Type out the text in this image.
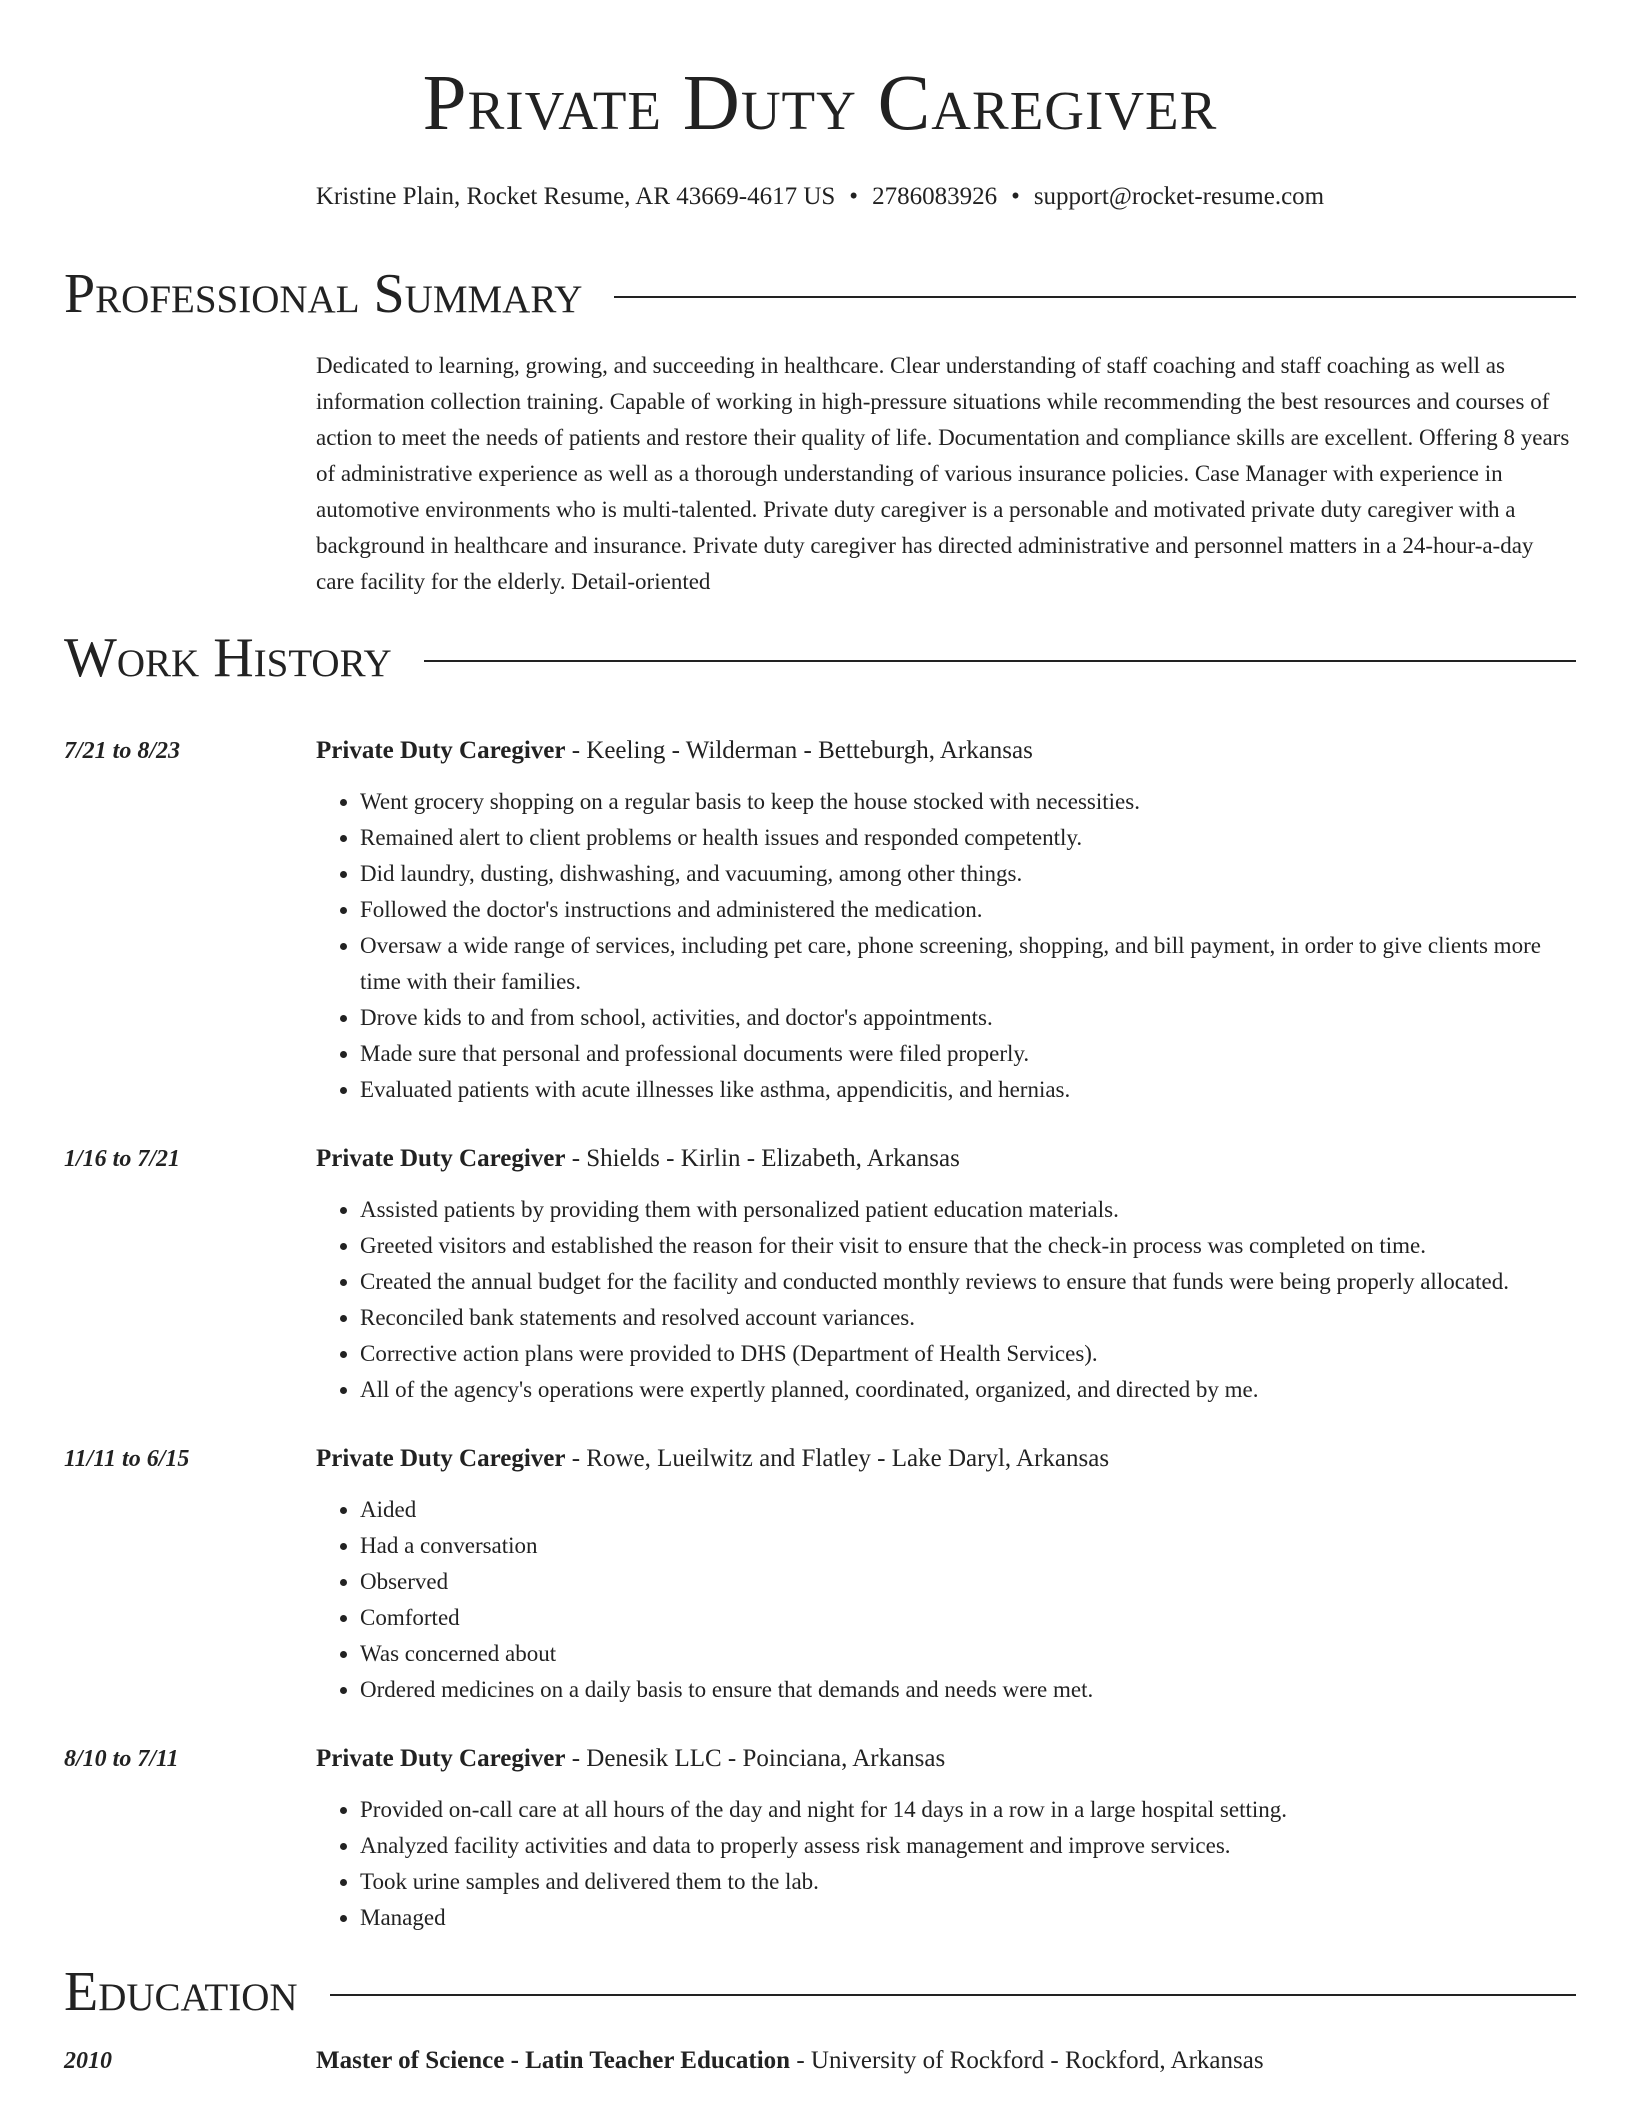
Private Duty Caregiver
Kristine Plain, Rocket Resume, AR 43669-4617 US • 2786083926 • support@rocket-resume.com
Professional Summary

Dedicated to learning, growing, and succeeding in healthcare. Clear understanding of staff coaching and staff coaching as well as information collection training. Capable of working in high-pressure situations while recommending the best resources and courses of action to meet the needs of patients and restore their quality of life. Documentation and compliance skills are excellent. Offering 8 years of administrative experience as well as a thorough understanding of various insurance policies. Case Manager with experience in automotive environments who is multi-talented. Private duty caregiver is a personable and motivated private duty caregiver with a background in healthcare and insurance. Private duty caregiver has directed administrative and personnel matters in a 24-hour-a-day care facility for the elderly. Detail-oriented

Work History
7/21 to 8/23	Private Duty Caregiver - Keeling - Wilderman - Betteburgh, Arkansas
• Went grocery shopping on a regular basis to keep the house stocked with necessities.
• Remained alert to client problems or health issues and responded competently.
• Did laundry, dusting, dishwashing, and vacuuming, among other things.
• Followed the doctor's instructions and administered the medication.
• Oversaw a wide range of services, including pet care, phone screening, shopping, and bill payment, in order to give clients more time with their families.
• Drove kids to and from school, activities, and doctor's appointments.
• Made sure that personal and professional documents were filed properly.
• Evaluated patients with acute illnesses like asthma, appendicitis, and hernias.
1/16 to 7/21	Private Duty Caregiver - Shields - Kirlin - Elizabeth, Arkansas
• Assisted patients by providing them with personalized patient education materials.
• Greeted visitors and established the reason for their visit to ensure that the check-in process was completed on time.
• Created the annual budget for the facility and conducted monthly reviews to ensure that funds were being properly allocated.
• Reconciled bank statements and resolved account variances.
• Corrective action plans were provided to DHS (Department of Health Services).
• All of the agency's operations were expertly planned, coordinated, organized, and directed by me.
11/11 to 6/15	Private Duty Caregiver - Rowe, Lueilwitz and Flatley - Lake Daryl, Arkansas
• Aided
• Had a conversation
• Observed
• Comforted
• Was concerned about
• Ordered medicines on a daily basis to ensure that demands and needs were met.
8/10 to 7/11	Private Duty Caregiver - Denesik LLC - Poinciana, Arkansas
• Provided on-call care at all hours of the day and night for 14 days in a row in a large hospital setting.
• Analyzed facility activities and data to properly assess risk management and improve services.
• Took urine samples and delivered them to the lab.
• Managed
Education
2010	Master of Science - Latin Teacher Education - University of Rockford - Rockford, Arkansas
